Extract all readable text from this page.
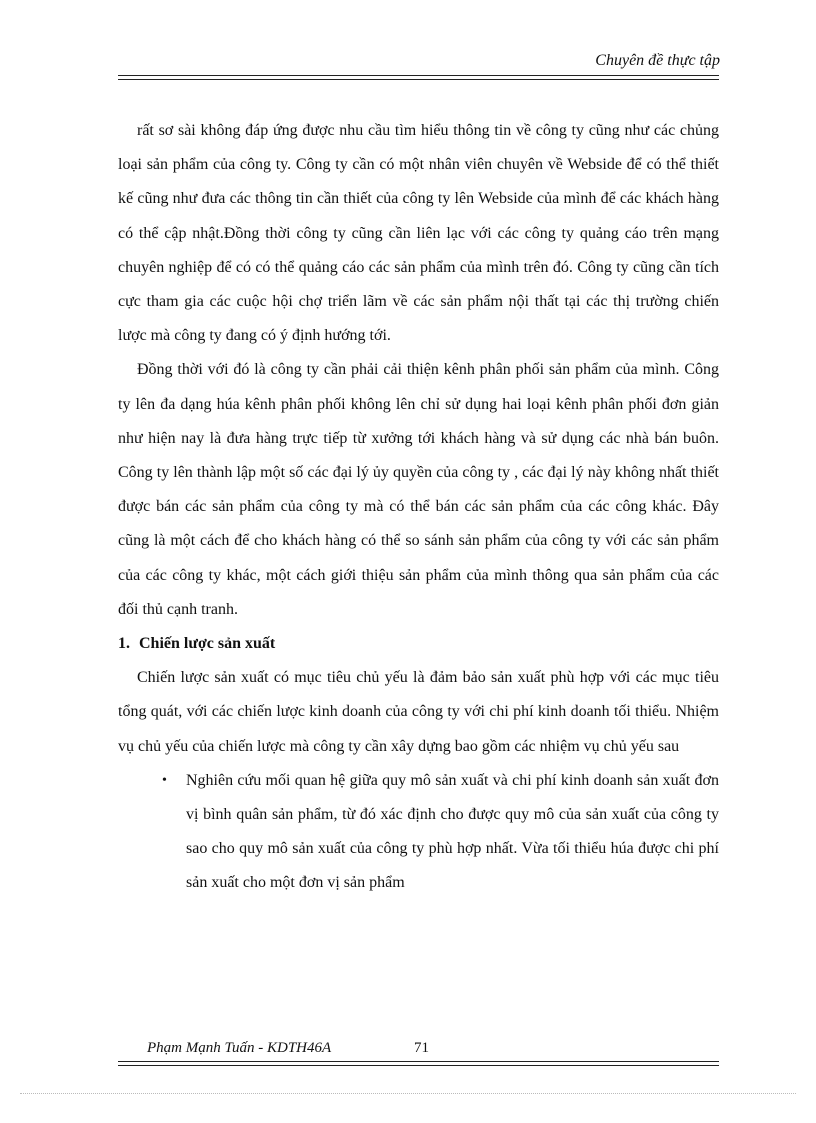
Chuyên đề thực tập

rất sơ sài không đáp ứng được nhu cầu tìm hiểu thông tin về công ty cũng như các chủng loại sản phẩm của công ty. Công ty cần có một nhân viên chuyên về Webside để có thể thiết kế cũng như đưa các thông tin cần thiết của công ty lên Webside của mình để các khách hàng có thể cập nhật.Đồng thời công ty cũng cần liên lạc với các công ty quảng cáo trên mạng chuyên nghiệp để có có thể quảng cáo các sản phẩm của mình trên đó. Công ty cũng cần tích cực tham gia các cuộc hội chợ triển lãm về các sản phẩm nội thất tại các thị trường chiến lược mà công ty đang có ý định hướng tới.

Đồng thời với đó là công ty cần phải cải thiện kênh phân phối sản phẩm của mình. Công ty lên đa dạng húa kênh phân phối không lên chỉ sử dụng hai loại kênh phân phối đơn giản như hiện nay là đưa hàng trực tiếp từ xưởng tới khách hàng và sử dụng các nhà bán buôn. Công ty lên thành lập một số các đại lý ủy quyền của công ty , các đại lý này không nhất thiết được bán các sản phẩm của công ty mà có thể bán các sản phẩm của các công khác. Đây cũng là một cách để cho khách hàng có thể so sánh sản phẩm của công ty với các sản phẩm của các công ty khác, một cách giới thiệu sản phẩm của mình thông qua sản phẩm của các đối thủ cạnh tranh.

1. Chiến lược sản xuất

Chiến lược sản xuất có mục tiêu chủ yếu là đảm bảo sản xuất phù hợp với các mục tiêu tổng quát, với các chiến lược kinh doanh của công ty với chi phí kinh doanh tối thiểu. Nhiệm vụ chủ yếu của chiến lược mà công ty cần xây dựng bao gồm các nhiệm vụ chủ yếu sau

• Nghiên cứu mối quan hệ giữa quy mô sản xuất và chi phí kinh doanh sản xuất đơn vị bình quân sản phẩm, từ đó xác định cho được quy mô của sản xuất của công ty sao cho quy mô sản xuất của công ty phù hợp nhất. Vừa tối thiểu húa được chi phí sản xuất cho một đơn vị sản phẩm

Phạm Mạnh Tuấn - KDTH46A	71
